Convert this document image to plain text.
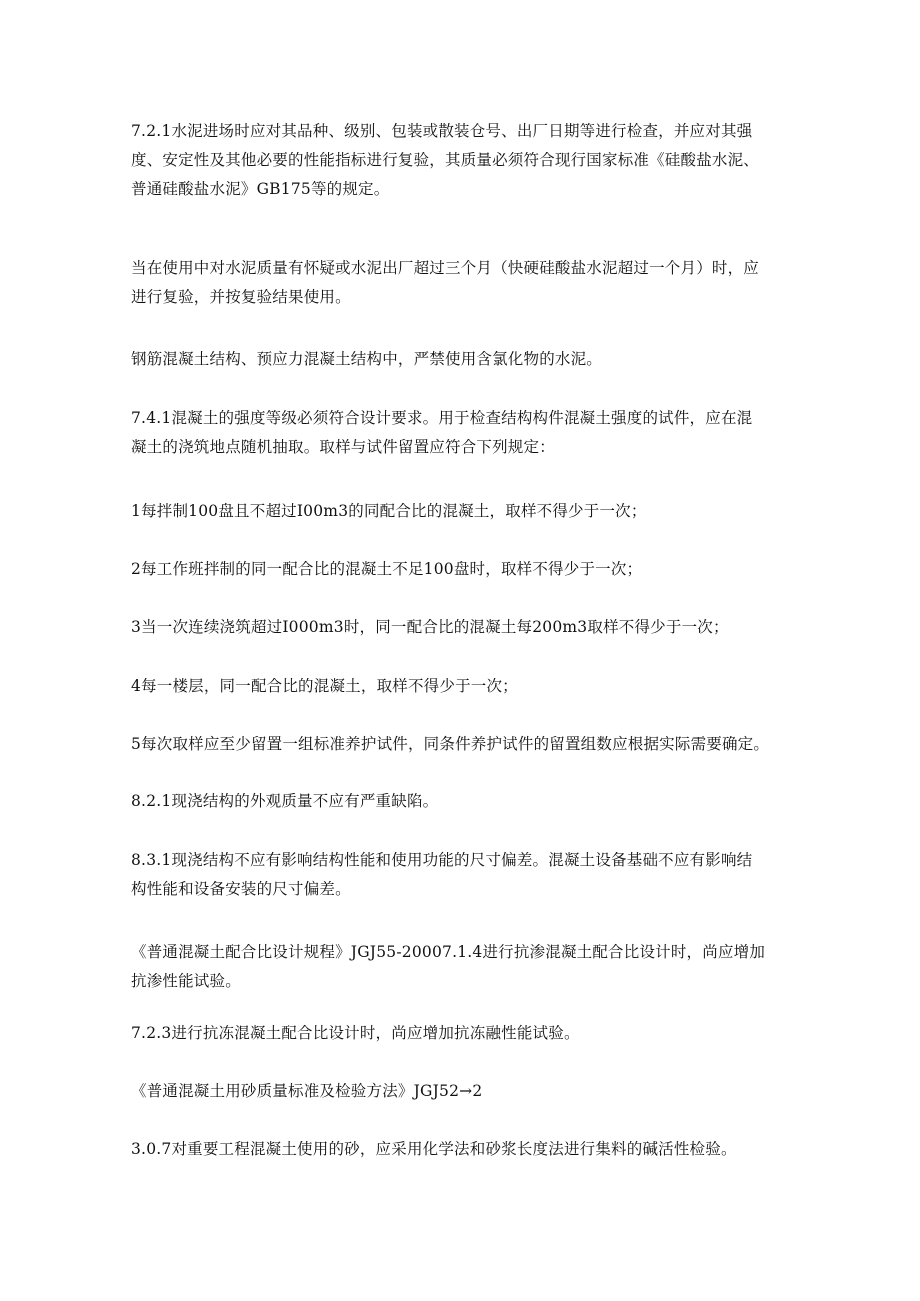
7.2.1水泥进场时应对其品种、级别、包装或散装仓号、出厂日期等进行检查，并应对其强
度、安定性及其他必要的性能指标进行复验，其质量必须符合现行国家标准《硅酸盐水泥、
普通硅酸盐水泥》GB175等的规定。

当在使用中对水泥质量有怀疑或水泥出厂超过三个月（快硬硅酸盐水泥超过一个月）时，应
进行复验，并按复验结果使用。

钢筋混凝土结构、预应力混凝土结构中，严禁使用含氯化物的水泥。

7.4.1混凝土的强度等级必须符合设计要求。用于检查结构构件混凝土强度的试件，应在混
凝土的浇筑地点随机抽取。取样与试件留置应符合下列规定：

1每拌制100盘且不超过I00m3的同配合比的混凝土，取样不得少于一次；

2每工作班拌制的同一配合比的混凝土不足100盘时，取样不得少于一次；

3当一次连续浇筑超过I000m3时，同一配合比的混凝土每200m3取样不得少于一次；

4每一楼层，同一配合比的混凝土，取样不得少于一次；

5每次取样应至少留置一组标准养护试件，同条件养护试件的留置组数应根据实际需要确定。

8.2.1现浇结构的外观质量不应有严重缺陷。

8.3.1现浇结构不应有影响结构性能和使用功能的尺寸偏差。混凝土设备基础不应有影响结
构性能和设备安装的尺寸偏差。

《普通混凝土配合比设计规程》JGJ55-20007.1.4进行抗渗混凝土配合比设计时，尚应增加
抗渗性能试验。

7.2.3进行抗冻混凝土配合比设计时，尚应增加抗冻融性能试验。

《普通混凝土用砂质量标准及检验方法》JGJ52→2

3.0.7对重要工程混凝土使用的砂，应采用化学法和砂浆长度法进行集料的碱活性检验。
